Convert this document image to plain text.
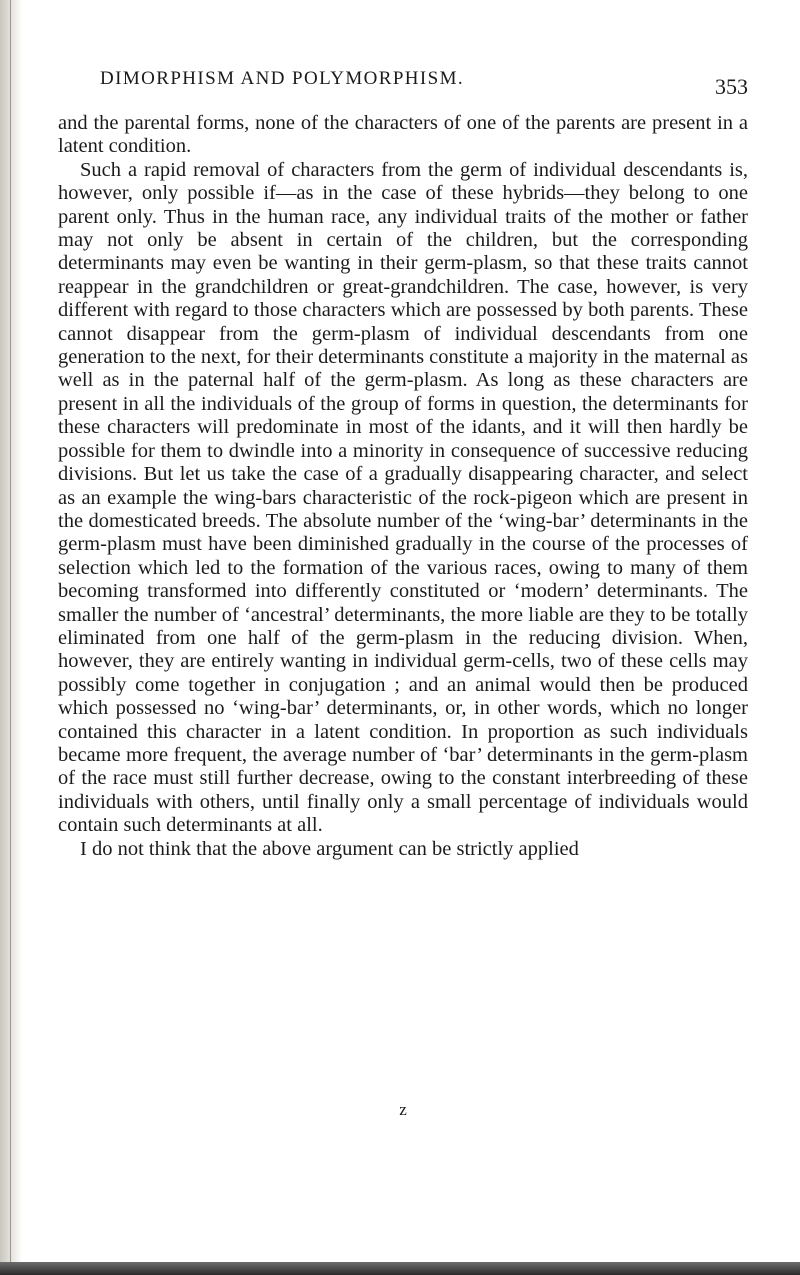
DIMORPHISM AND POLYMORPHISM.	353

and the parental forms, none of the characters of one of the parents are present in a latent condition.

Such a rapid removal of characters from the germ of individual descendants is, however, only possible if—as in the case of these hybrids—they belong to one parent only. Thus in the human race, any individual traits of the mother or father may not only be absent in certain of the children, but the corresponding determinants may even be wanting in their germ-plasm, so that these traits cannot reappear in the grandchildren or great-grandchildren. The case, however, is very different with regard to those characters which are possessed by both parents. These cannot disappear from the germ-plasm of individual descendants from one generation to the next, for their determinants constitute a majority in the maternal as well as in the paternal half of the germ-plasm. As long as these characters are present in all the individuals of the group of forms in question, the determinants for these characters will predominate in most of the idants, and it will then hardly be possible for them to dwindle into a minority in consequence of successive reducing divisions. But let us take the case of a gradually disappearing character, and select as an example the wing-bars characteristic of the rock-pigeon which are present in the domesticated breeds. The absolute number of the ‘wing-bar’ determinants in the germ-plasm must have been diminished gradually in the course of the processes of selection which led to the formation of the various races, owing to many of them becoming transformed into differently constituted or ‘modern’ determinants. The smaller the number of ‘ancestral’ determinants, the more liable are they to be totally eliminated from one half of the germ-plasm in the reducing division. When, however, they are entirely wanting in individual germ-cells, two of these cells may possibly come together in conjugation ; and an animal would then be produced which possessed no ‘wing-bar’ determinants, or, in other words, which no longer contained this character in a latent condition. In proportion as such individuals became more frequent, the average number of ‘bar’ determinants in the germ-plasm of the race must still further decrease, owing to the constant interbreeding of these individuals with others, until finally only a small percentage of individuals would contain such determinants at all.

I do not think that the above argument can be strictly applied

z
